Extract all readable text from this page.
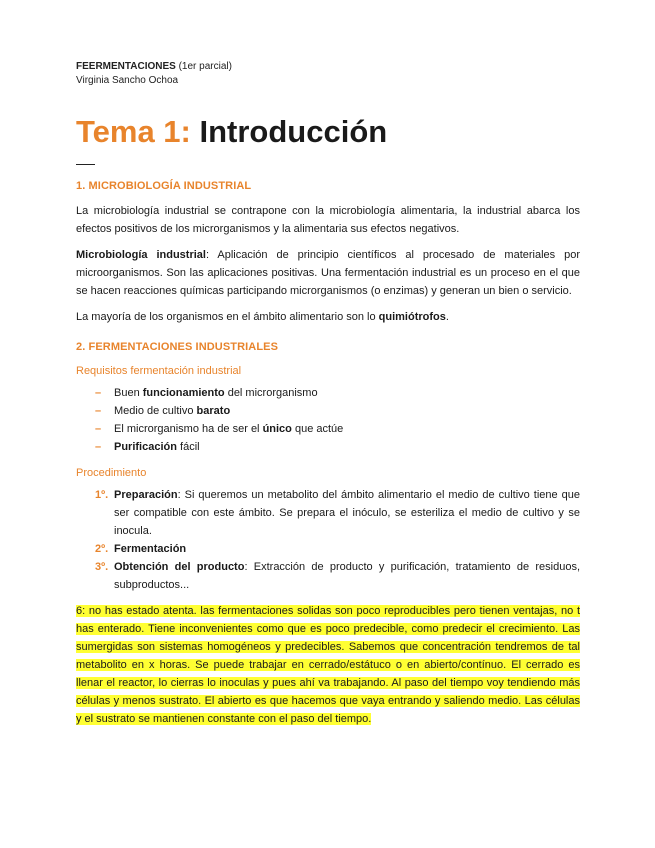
FEERMENTACIONES (1er parcial)
Virginia Sancho Ochoa
Tema 1: Introducción
1. MICROBIOLOGÍA INDUSTRIAL

La microbiología industrial se contrapone con la microbiología alimentaria, la industrial abarca los efectos positivos de los microrganismos y la alimentaria sus efectos negativos.

Microbiología industrial: Aplicación de principio científicos al procesado de materiales por microorganismos. Son las aplicaciones positivas. Una fermentación industrial es un proceso en el que se hacen reacciones químicas participando microrganismos (o enzimas) y generan un bien o servicio.

La mayoría de los organismos en el ámbito alimentario son lo quimiótrofos.

2. FERMENTACIONES INDUSTRIALES
Requisitos fermentación industrial
– Buen funcionamiento del microrganismo
– Medio de cultivo barato
– El microrganismo ha de ser el único que actúe
– Purificación fácil
Procedimiento
1º. Preparación: Si queremos un metabolito del ámbito alimentario el medio de cultivo tiene que ser compatible con este ámbito. Se prepara el inóculo, se esteriliza el medio de cultivo y se inocula.
2º. Fermentación
3º. Obtención del producto: Extracción de producto y purificación, tratamiento de residuos, subproductos...

6: no has estado atenta. las fermentaciones solidas son poco reproducibles pero tienen ventajas, no t has enterado. Tiene inconvenientes como que es poco predecible, como predecir el crecimiento. Las sumergidas son sistemas homogéneos y predecibles. Sabemos que concentración tendremos de tal metabolito en x horas. Se puede trabajar en cerrado/estátuco o en abierto/contínuo. El cerrado es llenar el reactor, lo cierras lo inoculas y pues ahí va trabajando. Al paso del tiempo voy tendiendo más células y menos sustrato. El abierto es que hacemos que vaya entrando y saliendo medio. Las células y el sustrato se mantienen constante con el paso del tiempo.
